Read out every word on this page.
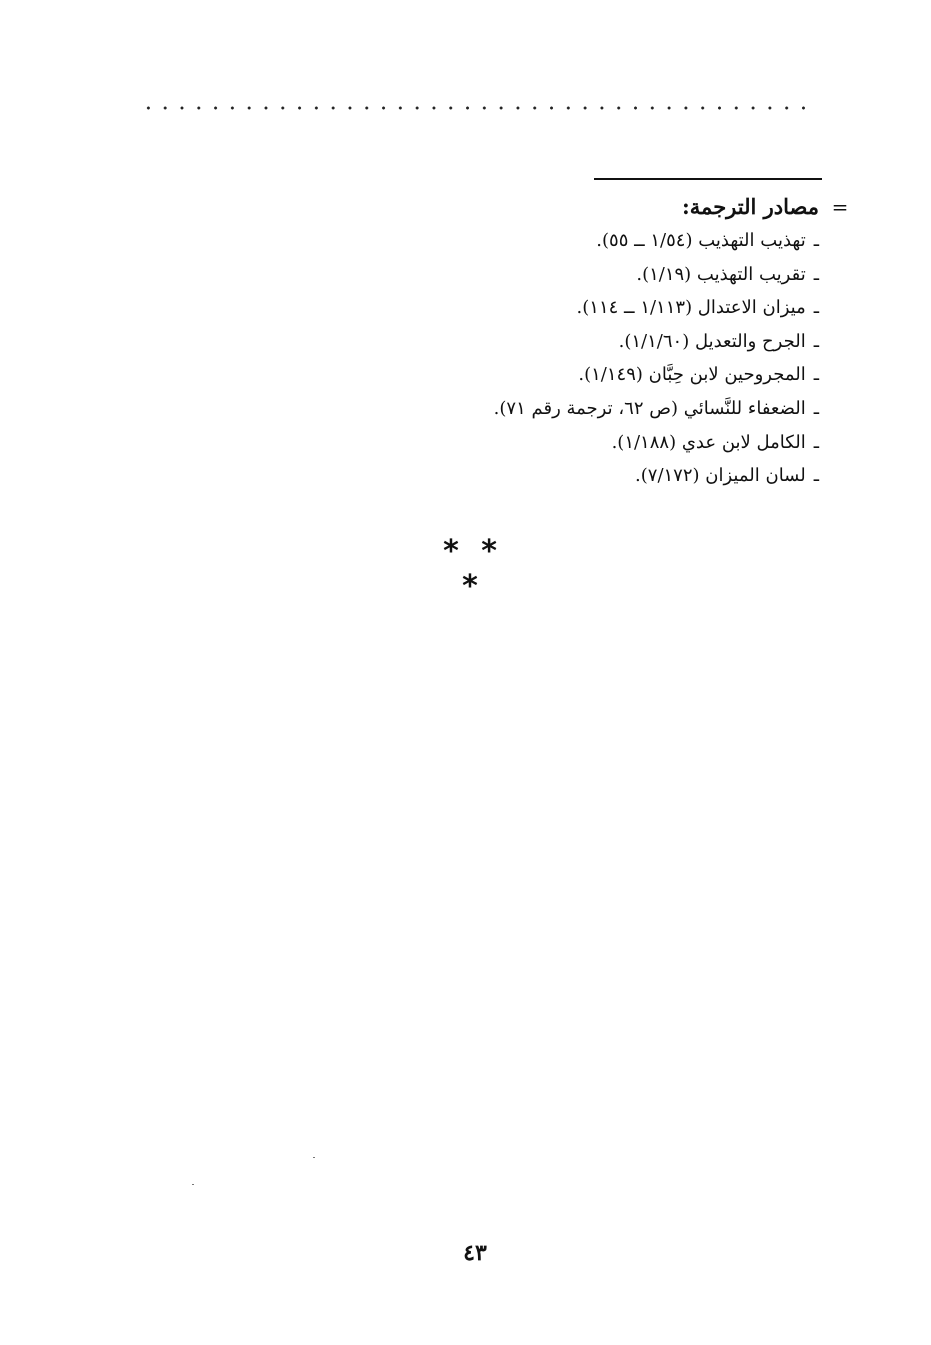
=مصادر الترجمة:
ـتهذيب التهذيب (١/٥٤ ــ ٥٥).
ـتقريب التهذيب (١/١٩).
ـميزان الاعتدال (١/١١٣ ــ ١١٤).
ـالجرح والتعديل (١/١/٦٠).
ـالمجروحين لابن حِبَّان (١/١٤٩).
ـالضعفاء للنَّسائي (ص ٦٢، ترجمة رقم ٧١).
ـالكامل لابن عدي (١/١٨٨).
ـلسان الميزان (٧/١٧٢).
* * *
٤٣
